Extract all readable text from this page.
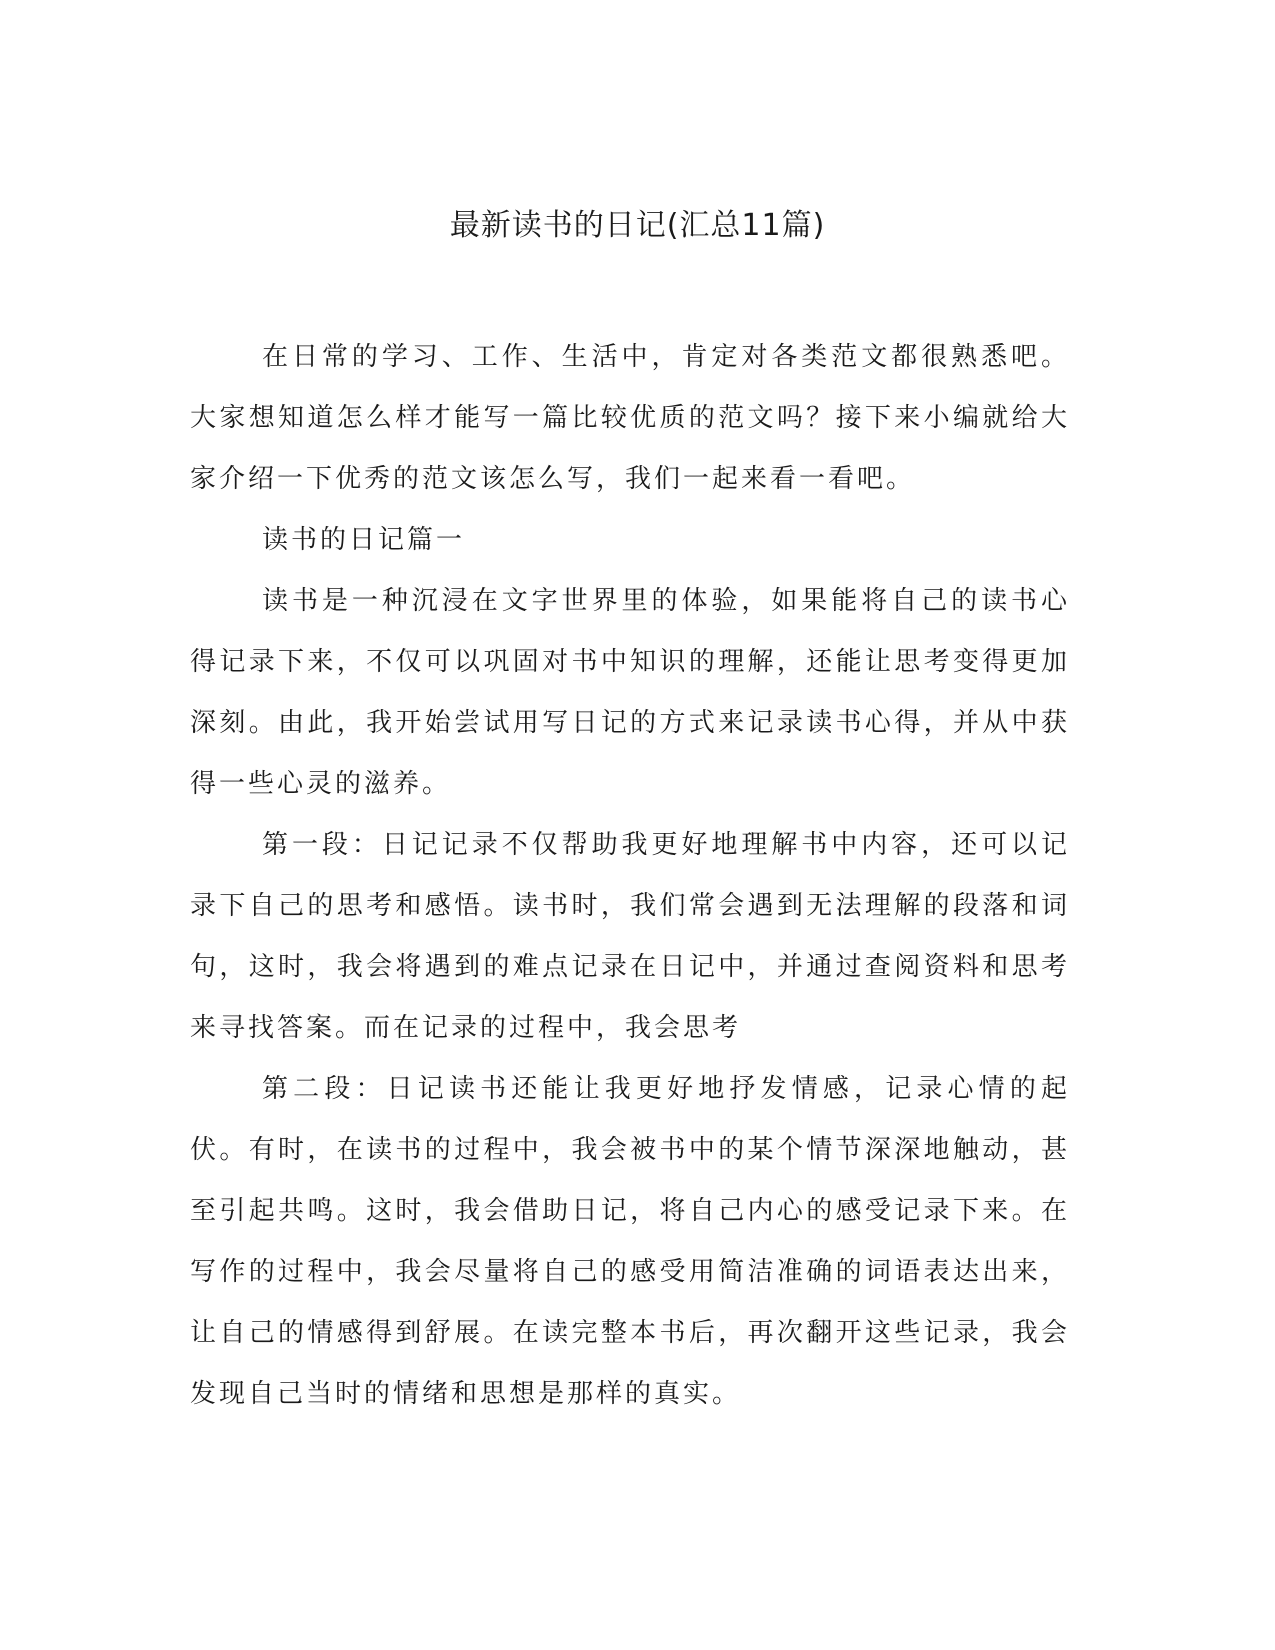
最新读书的日记(汇总11篇)

在日常的学习、工作、生活中，肯定对各类范文都很熟悉吧。大家想知道怎么样才能写一篇比较优质的范文吗？接下来小编就给大家介绍一下优秀的范文该怎么写，我们一起来看一看吧。

读书的日记篇一

读书是一种沉浸在文字世界里的体验，如果能将自己的读书心得记录下来，不仅可以巩固对书中知识的理解，还能让思考变得更加深刻。由此，我开始尝试用写日记的方式来记录读书心得，并从中获得一些心灵的滋养。

第一段：日记记录不仅帮助我更好地理解书中内容，还可以记录下自己的思考和感悟。读书时，我们常会遇到无法理解的段落和词句，这时，我会将遇到的难点记录在日记中，并通过查阅资料和思考来寻找答案。而在记录的过程中，我会思考

第二段：日记读书还能让我更好地抒发情感，记录心情的起伏。有时，在读书的过程中，我会被书中的某个情节深深地触动，甚至引起共鸣。这时，我会借助日记，将自己内心的感受记录下来。在写作的过程中，我会尽量将自己的感受用简洁准确的词语表达出来，让自己的情感得到舒展。在读完整本书后，再次翻开这些记录，我会发现自己当时的情绪和思想是那样的真实。
